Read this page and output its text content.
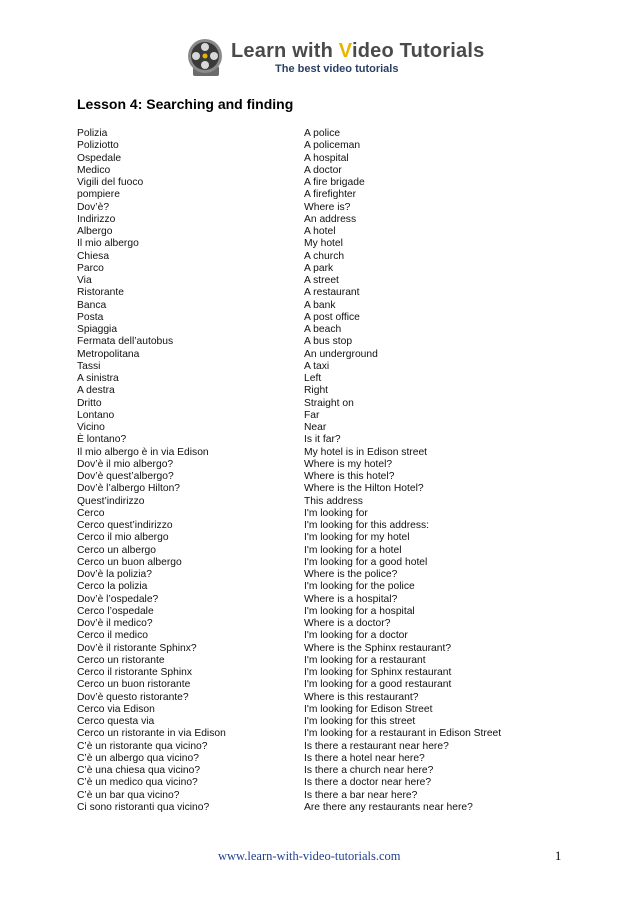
Learn with Video Tutorials
The best video tutorials
Lesson 4: Searching and finding
Polizia	A police
Poliziotto	A policeman
Ospedale	A hospital
Medico	A doctor
Vigili del fuoco	A fire brigade
pompiere	A firefighter
Dov’è?	Where is?
Indirizzo	An address
Albergo	A hotel
Il mio albergo	My hotel
Chiesa	A church
Parco	A park
Via	A street
Ristorante	A restaurant
Banca	A bank
Posta	A post office
Spiaggia	A beach
Fermata dell’autobus	A bus stop
Metropolitana	An underground
Tassi	A taxi
A sinistra	Left
A destra	Right
Dritto	Straight on
Lontano	Far
Vicino	Near
È lontano?	Is it far?
Il mio albergo è in via Edison	My hotel is in Edison street
Dov’è il mio albergo?	Where is my hotel?
Dov’è quest’albergo?	Where is this hotel?
Dov’è l’albergo Hilton?	Where is the Hilton Hotel?
Quest’indirizzo	This address
Cerco	I'm looking for
Cerco quest’indirizzo	I'm looking for this address:
Cerco il mio albergo	I'm looking for my hotel
Cerco un albergo	I'm looking for a hotel
Cerco un buon albergo	I'm looking for a good hotel
Dov’è la polizia?	Where is the police?
Cerco la polizia	I'm looking for the police
Dov’è l’ospedale?	Where is a hospital?
Cerco l’ospedale	I'm looking for a hospital
Dov’è il medico?	Where is a doctor?
Cerco il medico	I'm looking for a doctor
Dov’è il ristorante Sphinx?	Where is the Sphinx restaurant?
Cerco un ristorante	I'm looking for a restaurant
Cerco il ristorante Sphinx	I'm looking for Sphinx restaurant
Cerco un buon ristorante	I'm looking for a good restaurant
Dov’è questo ristorante?	Where is this restaurant?
Cerco via Edison	I'm looking for Edison Street
Cerco questa via	I'm looking for this street
Cerco un ristorante in via Edison	I'm looking for a restaurant in Edison Street
C’è un ristorante qua vicino?	Is there a restaurant near here?
C’è un albergo qua vicino?	Is there a hotel near here?
C’è una chiesa qua vicino?	Is there a church near here?
C’è un medico qua vicino?	Is there a doctor near here?
C’è un bar qua vicino?	Is there a bar near here?
Ci sono ristoranti qua vicino?	Are there any restaurants near here?
www.learn-with-video-tutorials.com	1
